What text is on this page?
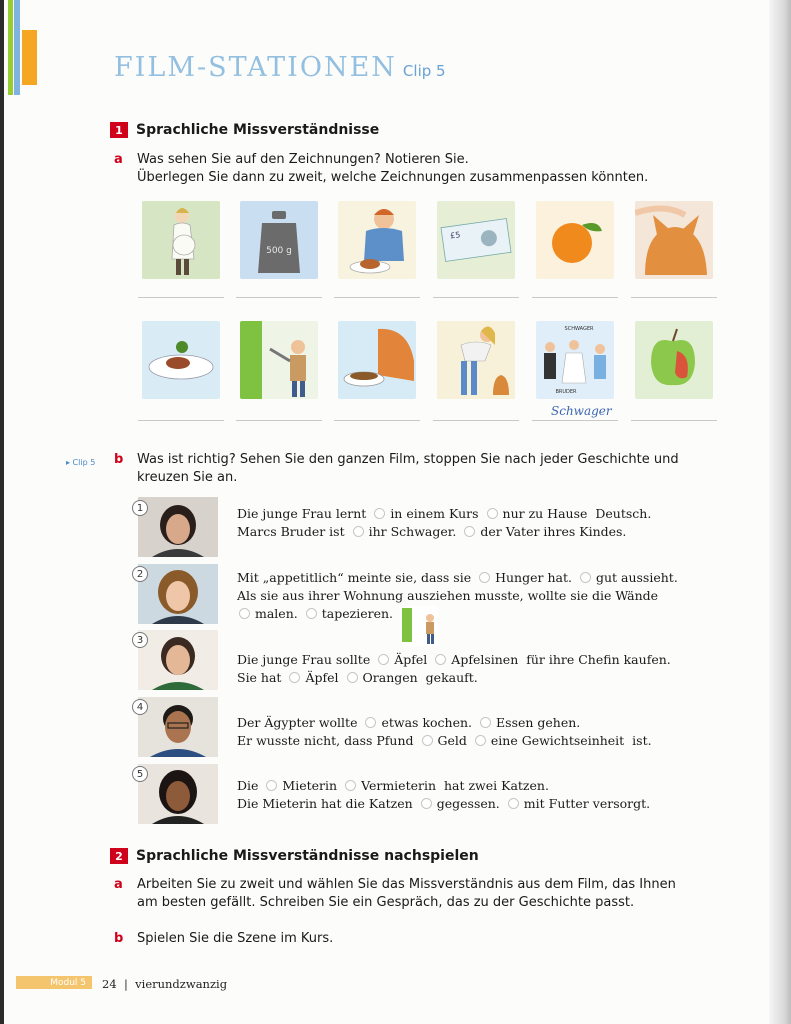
FILM-STATIONEN Clip 5
1 Sprachliche Missverständnisse
a Was sehen Sie auf den Zeichnungen? Notieren Sie.
Überlegen Sie dann zu zweit, welche Zeichnungen zusammenpassen könnten.
500 g
£5
SCHWAGER
BRUDER
Schwager
▸ Clip 5 b Was ist richtig? Sehen Sie den ganzen Film, stoppen Sie nach jeder Geschichte und
kreuzen Sie an.
1	Die junge Frau lernt in einem Kurs nur zu Hause Deutsch.
Marcs Bruder ist ihr Schwager. der Vater ihres Kindes.
2	Mit „appetitlich“ meinte sie, dass sie Hunger hat. gut aussieht.
Als sie aus ihrer Wohnung ausziehen musste, wollte sie die Wände
malen. tapezieren.
3
Die junge Frau sollte Äpfel Apfelsinen für ihre Chefin kaufen.
Sie hat Äpfel Orangen gekauft.
4
Der Ägypter wollte etwas kochen. Essen gehen.
Er wusste nicht, dass Pfund Geld eine Gewichtseinheit ist.
5
Die Mieterin Vermieterin hat zwei Katzen.
Die Mieterin hat die Katzen gegessen. mit Futter versorgt.
2 Sprachliche Missverständnisse nachspielen
a Arbeiten Sie zu zweit und wählen Sie das Missverständnis aus dem Film, das Ihnen
am besten gefällt. Schreiben Sie ein Gespräch, das zu der Geschichte passt.
b Spielen Sie die Szene im Kurs.
Modul 5	24 | vierundzwanzig
